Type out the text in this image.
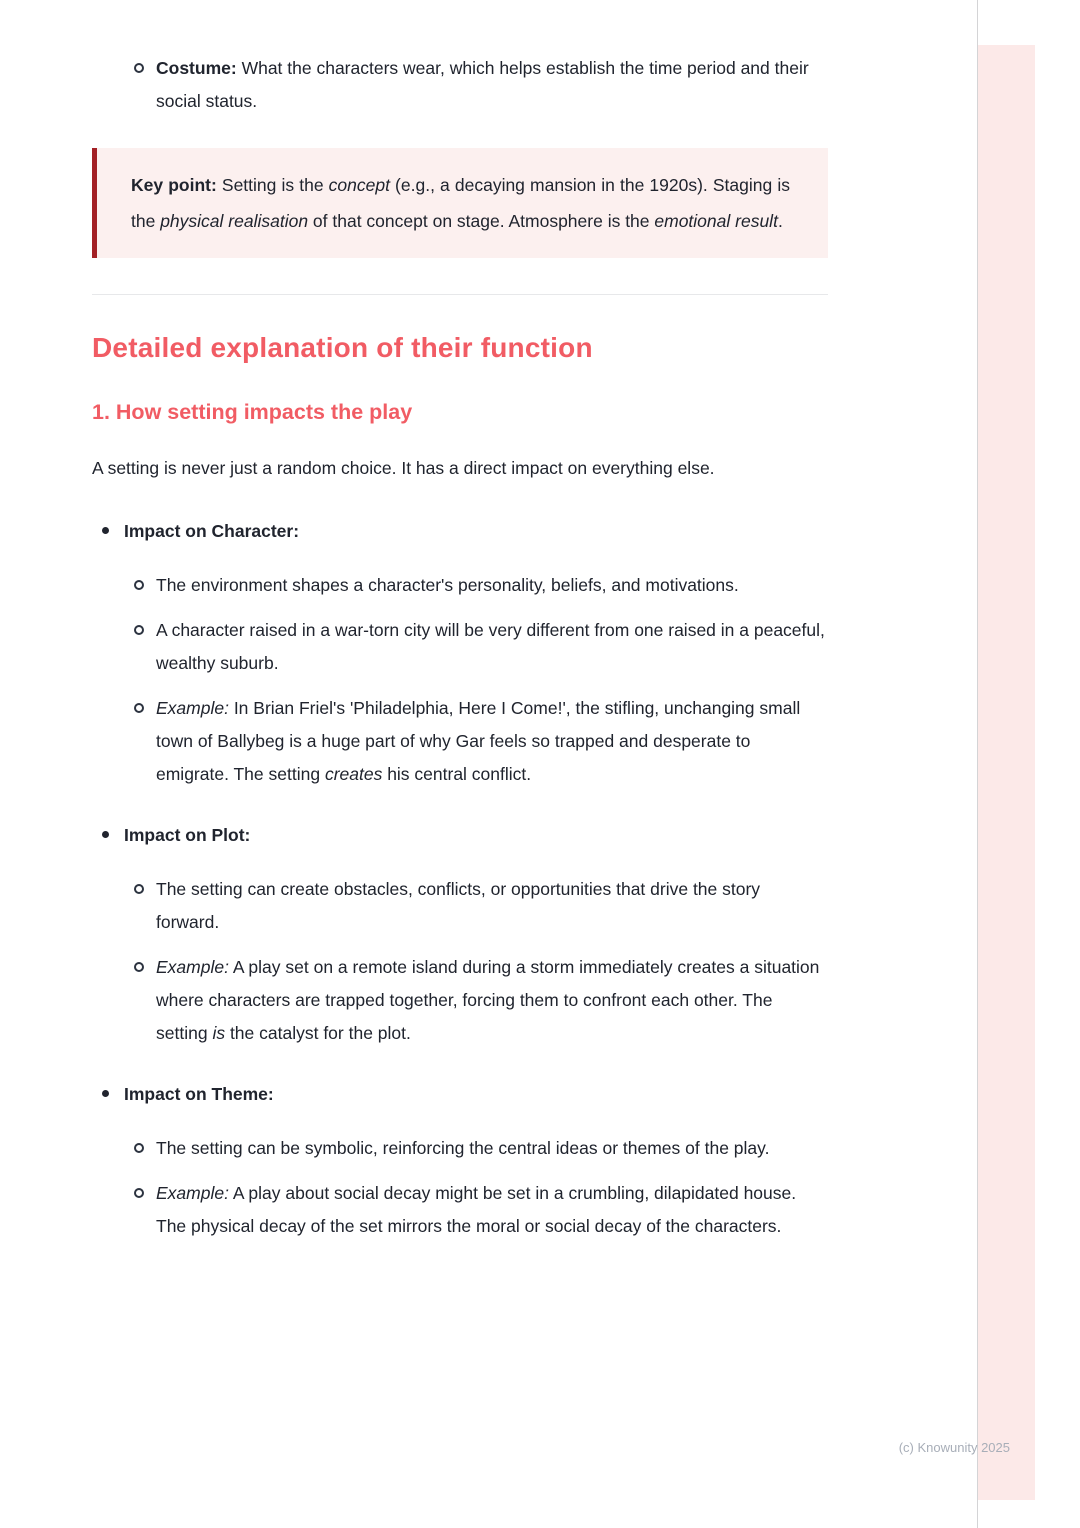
Costume: What the characters wear, which helps establish the time period and their social status.

Key point: Setting is the concept (e.g., a decaying mansion in the 1920s). Staging is the physical realisation of that concept on stage. Atmosphere is the emotional result.

Detailed explanation of their function
1. How setting impacts the play

A setting is never just a random choice. It has a direct impact on everything else.

Impact on Character:

The environment shapes a character's personality, beliefs, and motivations.

A character raised in a war-torn city will be very different from one raised in a peaceful, wealthy suburb.

Example: In Brian Friel's 'Philadelphia, Here I Come!', the stifling, unchanging small town of Ballybeg is a huge part of why Gar feels so trapped and desperate to emigrate. The setting creates his central conflict.

Impact on Plot:

The setting can create obstacles, conflicts, or opportunities that drive the story forward.

Example: A play set on a remote island during a storm immediately creates a situation where characters are trapped together, forcing them to confront each other. The setting is the catalyst for the plot.

Impact on Theme:

The setting can be symbolic, reinforcing the central ideas or themes of the play.

Example: A play about social decay might be set in a crumbling, dilapidated house. The physical decay of the set mirrors the moral or social decay of the characters.

(c) Knowunity 2025
